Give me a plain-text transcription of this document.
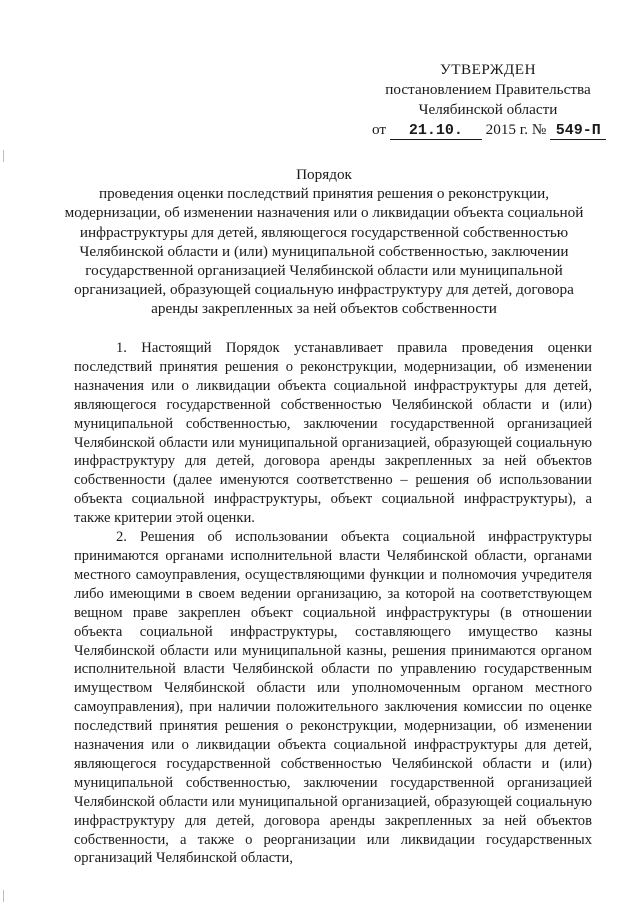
УТВЕРЖДЕН
постановлением Правительства
Челябинской области
от 21.10. 2015 г. № 549-П
Порядок
проведения оценки последствий принятия решения о реконструкции,
модернизации, об изменении назначения или о ликвидации объекта социальной
инфраструктуры для детей, являющегося государственной собственностью
Челябинской области и (или) муниципальной собственностью, заключении
государственной организацией Челябинской области или муниципальной
организацией, образующей социальную инфраструктуру для детей, договора
аренды закрепленных за ней объектов собственности

1. Настоящий Порядок устанавливает правила проведения оценки последствий принятия решения о реконструкции, модернизации, об изменении назначения или о ликвидации объекта социальной инфраструктуры для детей, являющегося государственной собственностью Челябинской области и (или) муниципальной собственностью, заключении государственной организацией Челябинской области или муниципальной организацией, образующей социальную инфраструктуру для детей, договора аренды закрепленных за ней объектов собственности (далее именуются соответственно – решения об использовании объекта социальной инфраструктуры, объект социальной инфраструктуры), а также критерии этой оценки.

2. Решения об использовании объекта социальной инфраструктуры принимаются органами исполнительной власти Челябинской области, органами местного самоуправления, осуществляющими функции и полномочия учредителя либо имеющими в своем ведении организацию, за которой на соответствующем вещном праве закреплен объект социальной инфраструктуры (в отношении объекта социальной инфраструктуры, составляющего имущество казны Челябинской области или муниципальной казны, решения принимаются органом исполнительной власти Челябинской области по управлению государственным имуществом Челябинской области или уполномоченным органом местного самоуправления), при наличии положительного заключения комиссии по оценке последствий принятия решения о реконструкции, модернизации, об изменении назначения или о ликвидации объекта социальной инфраструктуры для детей, являющегося государственной собственностью Челябинской области и (или) муниципальной собственностью, заключении государственной организацией Челябинской области или муниципальной организацией, образующей социальную инфраструктуру для детей, договора аренды закрепленных за ней объектов собственности, а также о реорганизации или ликвидации государственных организаций Челябинской области,
